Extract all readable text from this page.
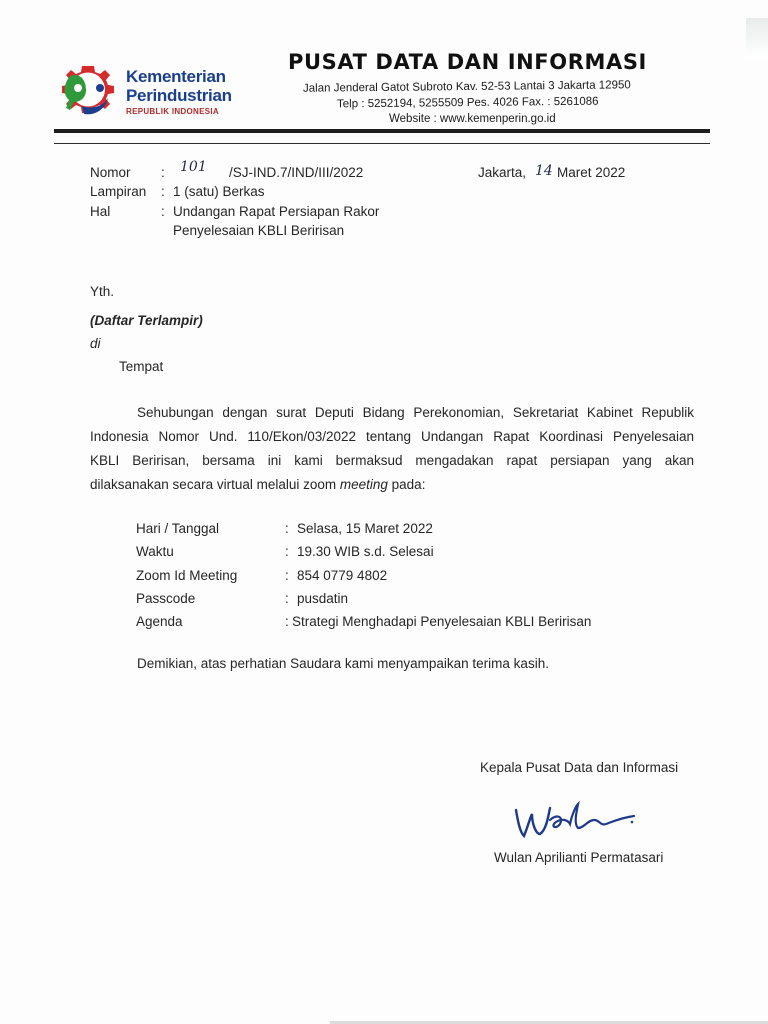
Kementerian
Perindustrian
REPUBLIK INDONESIA
PUSAT DATA DAN INFORMASI
Jalan Jenderal Gatot Subroto Kav. 52-53 Lantai 3 Jakarta 12950
Telp : 5252194, 5255509 Pes. 4026 Fax. : 5261086
Website : www.kemenperin.go.id
Nomor : 101 /SJ-IND.7/IND/III/2022	Jakarta, 14 Maret 2022
Lampiran : 1 (satu) Berkas
Hal	: Undangan Rapat Persiapan Rakor
Penyelesaian KBLI Beririsan
Yth.
(Daftar Terlampir)
di
Tempat
Sehubungan dengan surat Deputi Bidang Perekonomian, Sekretariat Kabinet Republik
Indonesia Nomor Und. 110/Ekon/03/2022 tentang Undangan Rapat Koordinasi Penyelesaian
KBLI Beririsan, bersama ini kami bermaksud mengadakan rapat persiapan yang akan
dilaksanakan secara virtual melalui zoom meeting pada:
Hari / Tanggal	: Selasa, 15 Maret 2022
Waktu	: 19.30 WIB s.d. Selesai
Zoom Id Meeting	: 854 0779 4802
Passcode	: pusdatin
Agenda	: Strategi Menghadapi Penyelesaian KBLI Beririsan
Demikian, atas perhatian Saudara kami menyampaikan terima kasih.
Kepala Pusat Data dan Informasi
Wulan Aprilianti Permatasari
